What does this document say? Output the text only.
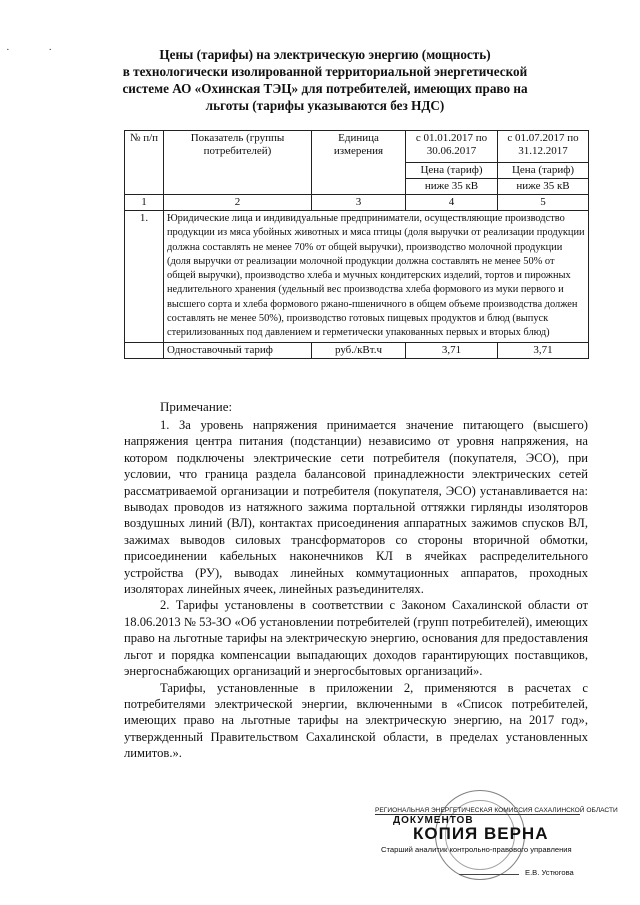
· ·	Цены (тарифы) на электрическую энергию (мощность)
в технологически изолированной территориальной энергетической
системе АО «Охинская ТЭЦ» для потребителей, имеющих право на
льготы (тарифы указываются без НДС)
№ п/п	Показатель (группы потребителей)	Единица измерения	с 01.01.2017 по 30.06.2017	с 01.07.2017 по 31.12.2017
			Цена (тариф)	Цена (тариф)
			ниже 35 кВ	ниже 35 кВ
1	2	3	4	5
1.	Юридические лица и индивидуальные предприниматели, осуществляющие производство продукции из мяса убойных животных и мяса птицы (доля выручки от реализации продукции должна составлять не менее 70% от общей выручки), производство молочной продукции (доля выручки от реализации молочной продукции должна составлять не менее 50% от общей выручки), производство хлеба и мучных кондитерских изделий, тортов и пирожных недлительного хранения (удельный вес производства хлеба формового из муки первого и высшего сорта и хлеба формового ржано-пшеничного в общем объеме производства должен составлять не менее 50%), производство готовых пищевых продуктов и блюд (выпуск стерилизованных под давлением и герметически упакованных первых и вторых блюд)			
	Одноставочный тариф	руб./кВт.ч	3,71	3,71
Примечание:

1. За уровень напряжения принимается значение питающего (высшего) напряжения центра питания (подстанции) независимо от уровня напряжения, на котором подключены электрические сети потребителя (покупателя, ЭСО), при условии, что граница раздела балансовой принадлежности электрических сетей рассматриваемой организации и потребителя (покупателя, ЭСО) устанавливается на: выводах проводов из натяжного зажима портальной оттяжки гирлянды изоляторов воздушных линий (ВЛ), контактах присоединения аппаратных зажимов спусков ВЛ, зажимах выводов силовых трансформаторов со стороны вторичной обмотки, присоединении кабельных наконечников КЛ в ячейках распределительного устройства (РУ), выводах линейных коммутационных аппаратов, проходных изоляторах линейных ячеек, линейных разъединителях.

2. Тарифы установлены в соответствии с Законом Сахалинской области от 18.06.2013 № 53-ЗО «Об установлении потребителей (групп потребителей), имеющих право на льготные тарифы на электрическую энергию, основания для предоставления льгот и порядка компенсации выпадающих доходов гарантирующих поставщиков, энергоснабжающих организаций и энергосбытовых организаций».

Тарифы, установленные в приложении 2, применяются в расчетах с потребителями электрической энергии, включенными в «Список потребителей, имеющих право на льготные тарифы на электрическую энергию, на 2017 год», утвержденный Правительством Сахалинской области, в пределах установленных лимитов.».

РЕГИОНАЛЬНАЯ ЭНЕРГЕТИЧЕСКАЯ КОМИССИЯ САХАЛИНСКОЙ ОБЛАСТИ
ДОКУМЕНТОВ
КОПИЯ ВЕРНА
Старший аналитик контрольно-правового управления
Е.В. Устюгова
